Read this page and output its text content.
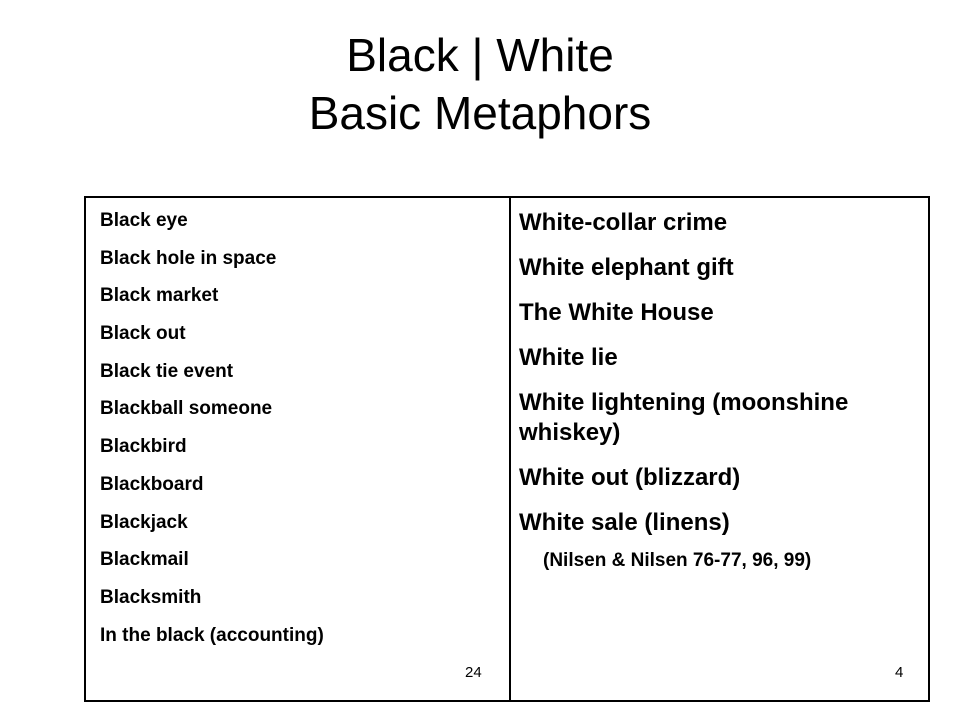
Black | White
Basic Metaphors
Black eye
Black hole in space
Black market
Black out
Black tie event
Blackball someone
Blackbird
Blackboard
Blackjack
Blackmail
Blacksmith
In the black (accounting)
White-collar crime
White elephant gift
The White House
White lie
White lightening (moonshine whiskey)
White out (blizzard)
White sale (linens)
(Nilsen & Nilsen 76-77, 96, 99)
24	4
